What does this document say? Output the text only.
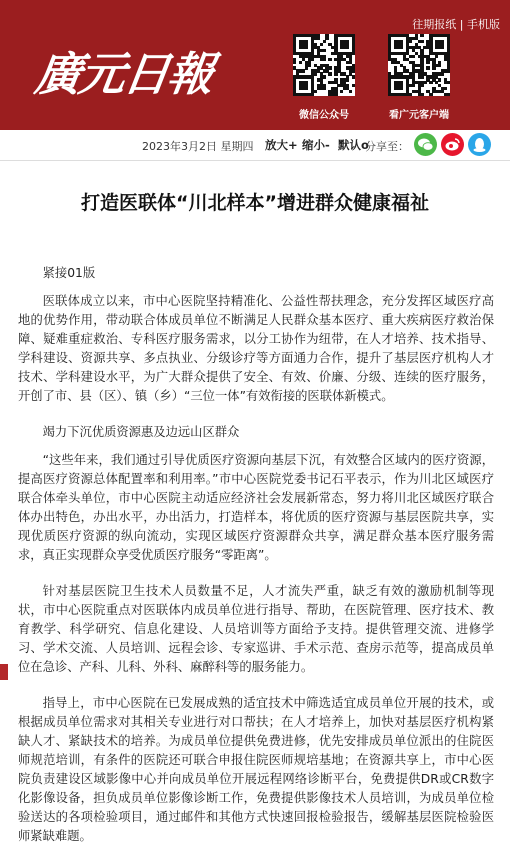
往期报纸 | 手机版
廣元日報
微信公众号	看广元客户端
2023年3月2日 星期四 放大+ 缩小- 默认o
分享至：
打造医联体“川北样本”增进群众健康福祉

紧接01版

医联体成立以来，市中心医院坚持精准化、公益性帮扶理念，充分发挥区域医疗高地的优势作用，带动联合体成员单位不断满足人民群众基本医疗、重大疾病医疗救治保障、疑难重症救治、专科医疗服务需求，以分工协作为纽带，在人才培养、技术指导、学科建设、资源共享、多点执业、分级诊疗等方面通力合作，提升了基层医疗机构人才技术、学科建设水平，为广大群众提供了安全、有效、价廉、分级、连续的医疗服务，开创了市、县（区）、镇（乡）“三位一体”有效衔接的医联体新模式。

竭力下沉优质资源惠及边远山区群众

“这些年来，我们通过引导优质医疗资源向基层下沉，有效整合区域内的医疗资源，提高医疗资源总体配置率和利用率。”市中心医院党委书记石平表示，作为川北区域医疗联合体牵头单位，市中心医院主动适应经济社会发展新常态，努力将川北区域医疗联合体办出特色，办出水平，办出活力，打造样本，将优质的医疗资源与基层医院共享，实现优质医疗资源的纵向流动，实现区域医疗资源群众共享，满足群众基本医疗服务需求，真正实现群众享受优质医疗服务“零距离”。

针对基层医院卫生技术人员数量不足，人才流失严重，缺乏有效的激励机制等现状，市中心医院重点对医联体内成员单位进行指导、帮助，在医院管理、医疗技术、教育教学、科学研究、信息化建设、人员培训等方面给予支持。提供管理交流、进修学习、学术交流、人员培训、远程会诊、专家巡讲、手术示范、查房示范等，提高成员单位在急诊、产科、儿科、外科、麻醉科等的服务能力。

指导上，市中心医院在已发展成熟的适宜技术中筛选适宜成员单位开展的技术，或根据成员单位需求对其相关专业进行对口帮扶；在人才培养上，加快对基层医疗机构紧缺人才、紧缺技术的培养。为成员单位提供免费进修，优先安排成员单位派出的住院医师规范培训，有条件的医院还可联合申报住院医师规培基地；在资源共享上，市中心医院负责建设区域影像中心并向成员单位开展远程网络诊断平台，免费提供DR或CR数字化影像设备，担负成员单位影像诊断工作，免费提供影像技术人员培训，为成员单位检验送达的各项检验项目，通过邮件和其他方式快速回报检验报告，缓解基层医院检验医师紧缺难题。
